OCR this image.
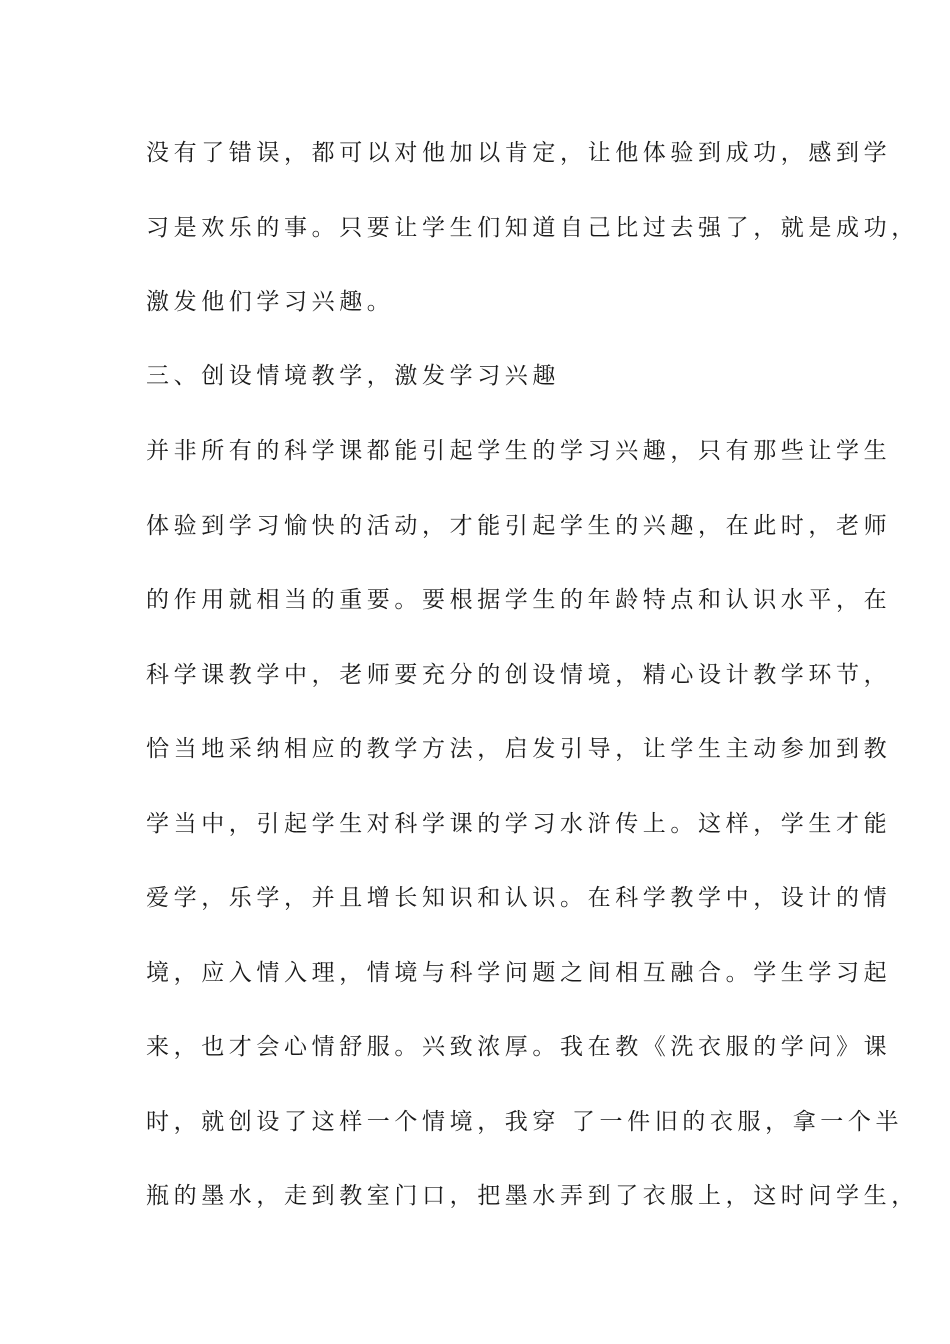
没有了错误，都可以对他加以肯定，让他体验到成功，感到学
习是欢乐的事。只要让学生们知道自己比过去强了，就是成功，
激发他们学习兴趣。
三、创设情境教学，激发学习兴趣
并非所有的科学课都能引起学生的学习兴趣，只有那些让学生
体验到学习愉快的活动，才能引起学生的兴趣，在此时，老师
的作用就相当的重要。要根据学生的年龄特点和认识水平，在
科学课教学中，老师要充分的创设情境，精心设计教学环节，
恰当地采纳相应的教学方法，启发引导，让学生主动参加到教
学当中，引起学生对科学课的学习水浒传上。这样，学生才能
爱学，乐学，并且增长知识和认识。在科学教学中，设计的情
境，应入情入理，情境与科学问题之间相互融合。学生学习起
来，也才会心情舒服。兴致浓厚。我在教《洗衣服的学问》课
时，就创设了这样一个情境，我穿 了一件旧的衣服，拿一个半
瓶的墨水，走到教室门口，把墨水弄到了衣服上，这时问学生，
